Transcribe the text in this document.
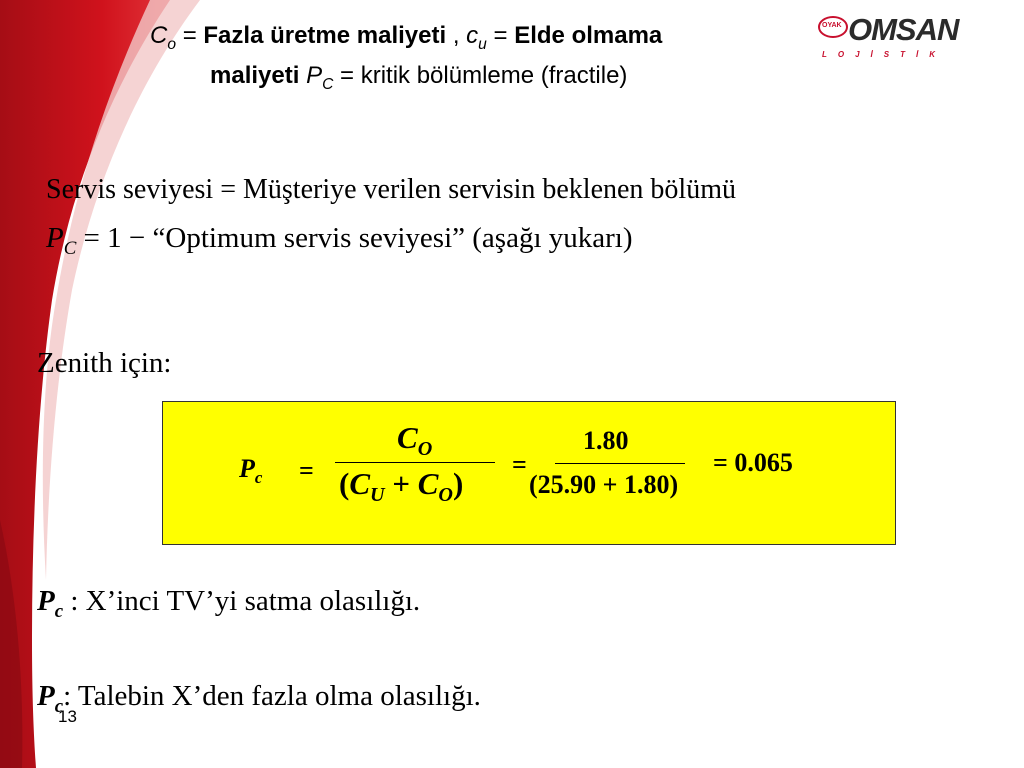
OYAK OMSAN
LOJİSTİK
$C_o$ = Fazla üretme maliyeti , $c_u$ = Elde olmama
maliyeti $P_C$ = kritik bölümleme (fractile)
Servis seviyesi = Müşteriye verilen servisin beklenen bölümü
$P_C = 1$ − “Optimum servis seviyesi” (aşağı yukarı)
Zenith için:
$P_c$ =
$C_O$
$(C_U + C_O)$
=
1.80
(25.90 + 1.80)
= 0.065
$P_c$ : X’inci TV’yi satma olasılığı.
$P_c$: Talebin X’den fazla olma olasılığı.
13
